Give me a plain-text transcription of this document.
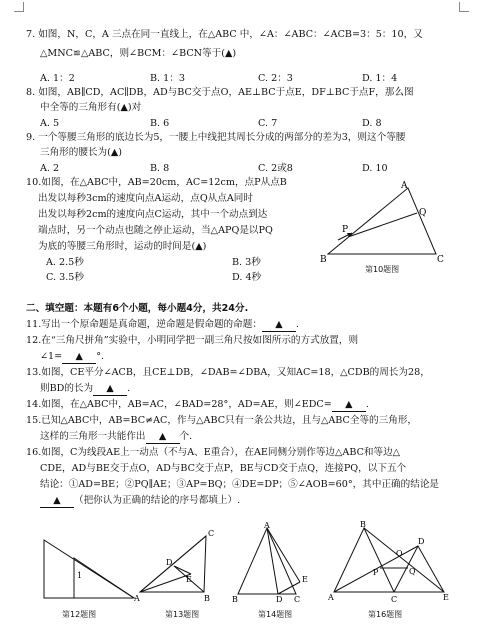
7. 如图，N，C，A 三点在同一直线上，在△ABC 中，∠A：∠ABC：∠ACB=3：5：10，又
△MNC≌△ABC，则∠BCM：∠BCN等于(▲)
A. 1：2	B. 1：3	C. 2：3	D. 1：4
8. 如图，AB∥CD，AC∥DB，AD与BC交于点O，AE⊥BC于点E，DF⊥BC于点F，那么图
中全等的三角形有(▲)对
A. 5	B. 6	C. 7	D. 8
9. 一个等腰三角形的底边长为5，一腰上中线把其周长分成的两部分的差为3，则这个等腰
三角形的腰长为(▲)
A. 2	B. 8	C. 2或8	D. 10
10.如图，在△ABC中，AB=20cm，AC=12cm，点P从点B
出发以每秒3cm的速度向点A运动，点Q从点A同时
出发以每秒2cm的速度向点C运动，其中一个动点到达
端点时，另一个动点也随之停止运动，当△APQ是以PQ
为底的等腰三角形时，运动的时间是(▲)
A. 2.5秒	B. 3秒
C. 3.5秒	D. 4秒
A
B	C
P
Q
第10题图
二、填空题：本题有6个小题，每小题4分，共24分.
11.写出一个原命题是真命题，逆命题是假命题的命题： ▲ .
12.在“三角尺拼角”实验中，小明同学把一副三角尺按如图所示的方式放置，则
∠1= ▲ °.
13.如图，CE平分∠ACB，且CE⊥DB，∠DAB=∠DBA，又知AC=18，△CDB的周长为28，
则BD的长为 ▲ .
14.如图，在△ABC中，AB=AC，∠BAD=28°，AD=AE，则∠EDC= ▲ .
15.已知△ABC中，AB=BC≠AC，作与△ABC只有一条公共边，且与△ABC全等的三角形，
这样的三角形一共能作出 ▲ 个.
16.如图，C为线段AE上一动点（不与A、E重合），在AE同侧分别作等边△ABC和等边△
CDE，AD与BE交于点O，AD与BC交于点P，BE与CD交于点Q，连接PQ，以下五个
结论：①AD=BE；②PQ∥AE；③AP=BQ；④DE=DP；⑤∠AOB=60°，其中正确的结论是
▲ （把你认为正确的结论的序号都填上）.
1
第12题图
A	B
C
D
E
第13题图
A
B	C
D
E
第14题图
A
B
C
D
E
O
P	Q
第16题图
